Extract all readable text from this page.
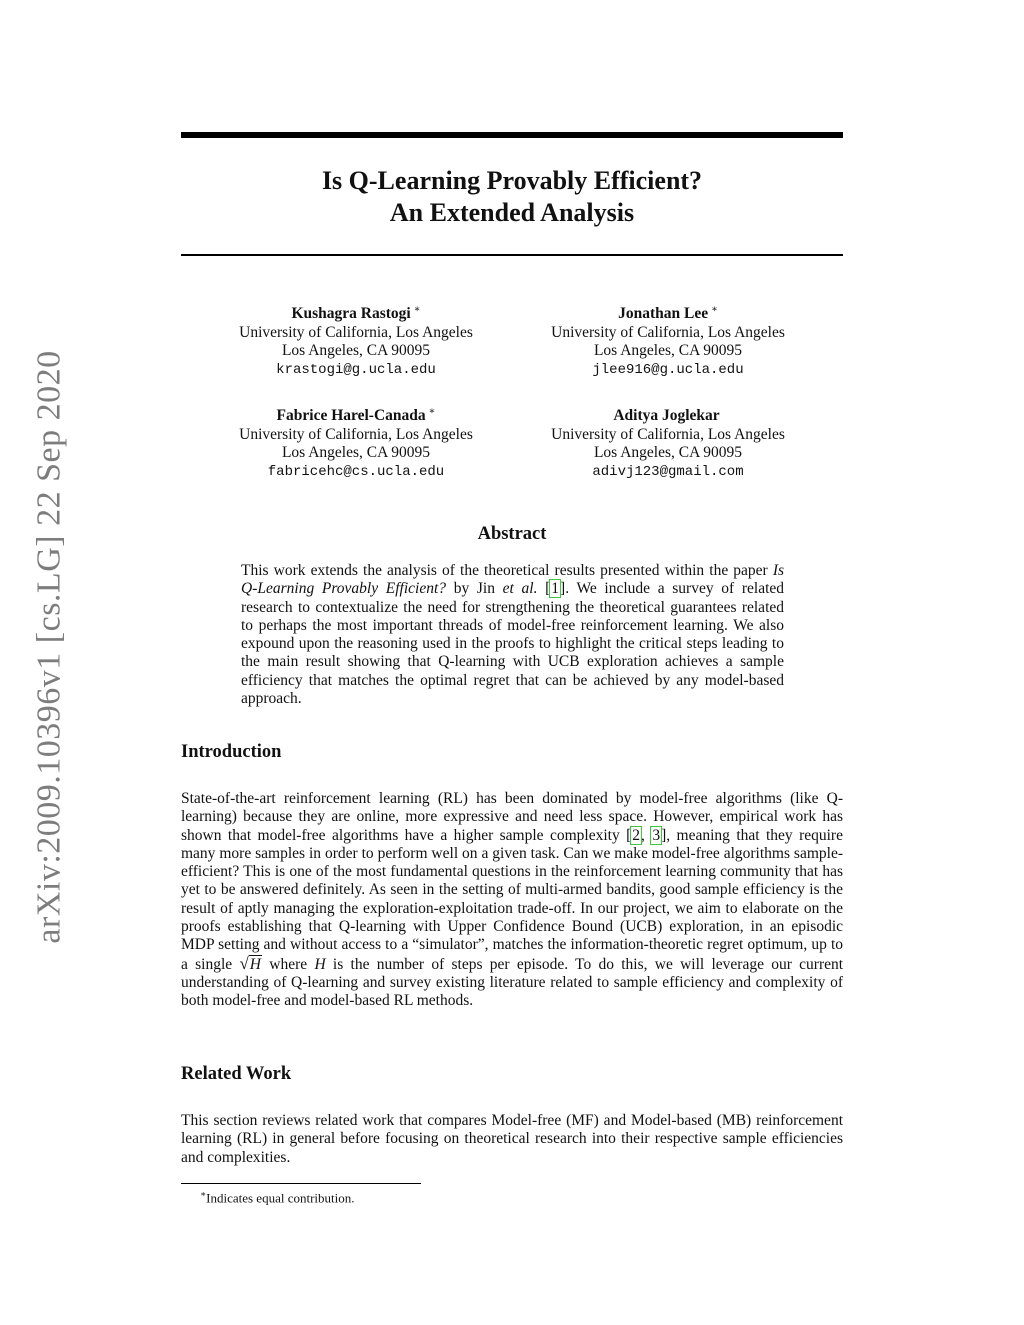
arXiv:2009.10396v1 [cs.LG] 22 Sep 2020
Is Q-Learning Provably Efficient?
An Extended Analysis
Kushagra Rastogi ∗
University of California, Los Angeles
Los Angeles, CA 90095
krastogi@g.ucla.edu
Jonathan Lee ∗
University of California, Los Angeles
Los Angeles, CA 90095
jlee916@g.ucla.edu
Fabrice Harel-Canada ∗
University of California, Los Angeles
Los Angeles, CA 90095
fabricehc@cs.ucla.edu
Aditya Joglekar
University of California, Los Angeles
Los Angeles, CA 90095
adivj123@gmail.com
Abstract
This work extends the analysis of the theoretical results presented within the paper Is Q-Learning Provably Efficient? by Jin et al. [1]. We include a survey of related research to contextualize the need for strengthening the theoretical guarantees related to perhaps the most important threads of model-free reinforcement learning. We also expound upon the reasoning used in the proofs to highlight the critical steps leading to the main result showing that Q-learning with UCB exploration achieves a sample efficiency that matches the optimal regret that can be achieved by any model-based approach.
Introduction
State-of-the-art reinforcement learning (RL) has been dominated by model-free algorithms (like Q-learning) because they are online, more expressive and need less space. However, empirical work has shown that model-free algorithms have a higher sample complexity [2, 3], meaning that they require many more samples in order to perform well on a given task. Can we make model-free algorithms sample-efficient? This is one of the most fundamental questions in the reinforcement learning community that has yet to be answered definitely. As seen in the setting of multi-armed bandits, good sample efficiency is the result of aptly managing the exploration-exploitation trade-off. In our project, we aim to elaborate on the proofs establishing that Q-learning with Upper Confidence Bound (UCB) exploration, in an episodic MDP setting and without access to a “simulator”, matches the information-theoretic regret optimum, up to a single √H where H is the number of steps per episode. To do this, we will leverage our current understanding of Q-learning and survey existing literature related to sample efficiency and complexity of both model-free and model-based RL methods.
Related Work
This section reviews related work that compares Model-free (MF) and Model-based (MB) reinforcement learning (RL) in general before focusing on theoretical research into their respective sample efficiencies and complexities.
∗Indicates equal contribution.
